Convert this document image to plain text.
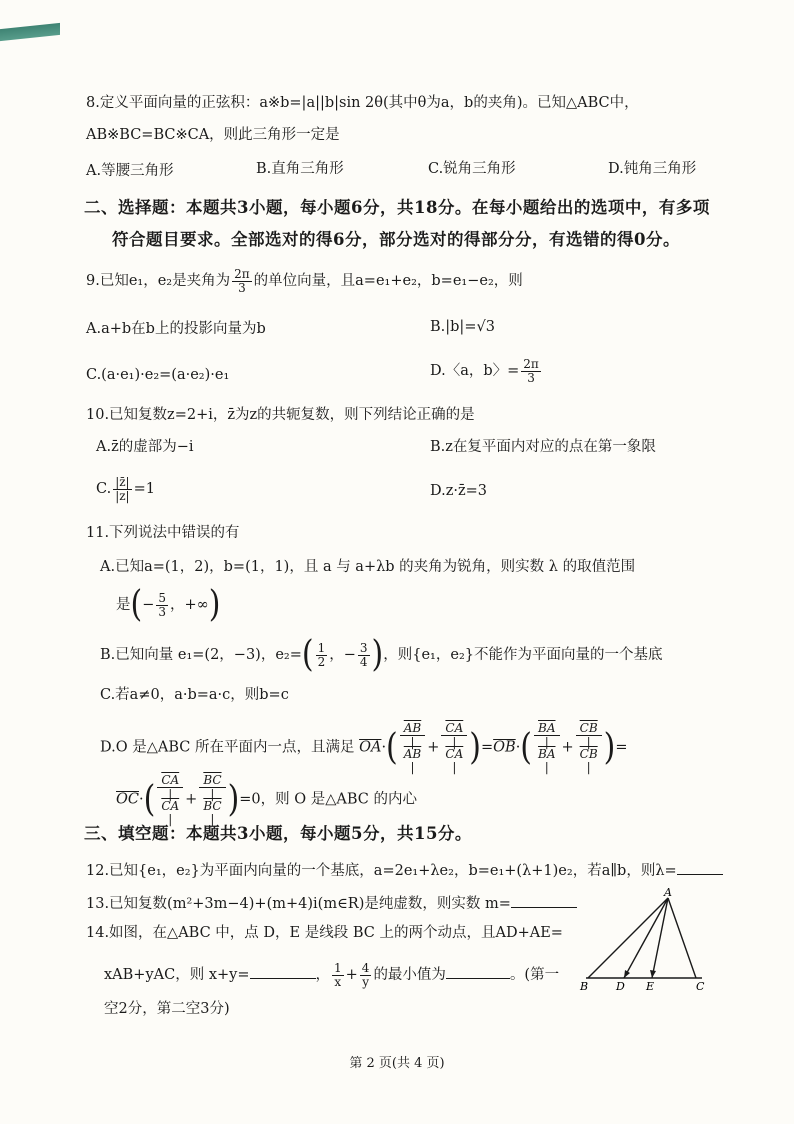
8.定义平面向量的正弦积：a※b=|a||b|sin 2θ(其中θ为a，b的夹角)。已知△ABC中，
AB※BC=BC※CA，则此三角形一定是
A.等腰三角形	B.直角三角形	C.锐角三角形	D.钝角三角形
二、选择题：本题共3小题，每小题6分，共18分。在每小题给出的选项中，有多项
符合题目要求。全部选对的得6分，部分选对的得部分分，有选错的得0分。
9.已知e₁，e₂是夹角为 $\frac{2\pi}{3}$ 的单位向量，且a=e₁+e₂，b=e₁−e₂，则
A.a+b在b上的投影向量为b	B.|b|=√3
C.(a·e₁)·e₂=(a·e₂)·e₁	D.〈a，b〉= $\frac{2\pi}{3}$
10.已知复数z=2+i，z̄为z的共轭复数，则下列结论正确的是
A.z̄的虚部为−i	B.z在复平面内对应的点在第一象限
C. $\frac{|z̄|}{|z|} =1$	D.z·z̄=3
11.下列说法中错误的有
A.已知a=(1，2)，b=(1，1)，且 a 与 a+λb 的夹角为锐角，则实数 λ 的取值范围
是(− $\frac{5}{3}$ ，+∞)
B.已知向量 e₁=(2，−3)，$e_2=( \frac{1}{2}$ ，− $\frac{3}{4}$ )，则{e₁，e₂}不能作为平面向量的一个基底
C.若a≠0，a·b=a·c，则b=c
D.O 是△ABC 所在平面内一点，且满足 $\overline{OA}\cdot$( $\overline{AB}$
|
$\overline{AB}$
| + $\overline{CA}$
|
$\overline{CA}$
| )$=\overline{OB}\cdot$( $\overline{BA}$
|
$\overline{BA}$
| + $\overline{CB}$
|
$\overline{CB}$
| )=
$\overline{OC}\cdot$( $\overline{CA}$
|
$\overline{CA}$
| + $\overline{BC}$
|
$\overline{BC}$
| )=0，则 O 是△ABC 的内心
三、填空题：本题共3小题，每小题5分，共15分。
12.已知{e₁，e₂}为平面内向量的一个基底，a=2e₁+λe₂，b=e₁+(λ+1)e₂，若a∥b，则λ=
13.已知复数(m²+3m−4)+(m+4)i(m∈R)是纯虚数，则实数 m=
14.如图，在△ABC 中，点 D，E 是线段 BC 上的两个动点，且AD+AE=
xAB+yAC，则 x+y=	， $\frac{1}{x} + \frac{4}{y}$ 的最小值为	。(第一
空2分，第二空3分)
A
B	D E	C
第 2 页(共 4 页)
